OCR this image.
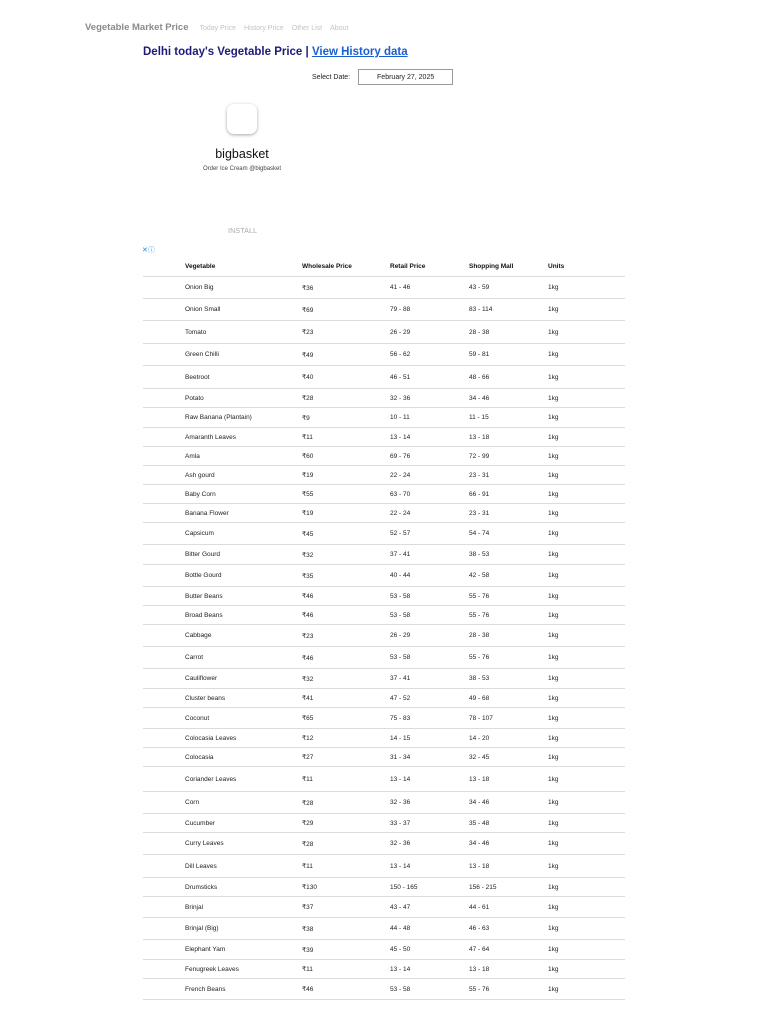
Vegetable Market Price Today Price History Price Other List About
Delhi today's Vegetable Price | View History data
Select Date:	February 27, 2025
bigbasket
Order Ice Cream @bigbasket
INSTALL
✕ⓘ
	Vegetable	Wholesale Price	Retail Price	Shopping Mall	Units
	Onion Big	₹36	41 - 46	43 - 59	1kg
	Onion Small	₹69	79 - 88	83 - 114	1kg
	Tomato	₹23	26 - 29	28 - 38	1kg
	Green Chilli	₹49	56 - 62	59 - 81	1kg
	Beetroot	₹40	46 - 51	48 - 66	1kg
	Potato	₹28	32 - 36	34 - 46	1kg
	Raw Banana (Plantain)	₹9	10 - 11	11 - 15	1kg
	Amaranth Leaves	₹11	13 - 14	13 - 18	1kg
	Amla	₹60	69 - 76	72 - 99	1kg
	Ash gourd	₹19	22 - 24	23 - 31	1kg
	Baby Corn	₹55	63 - 70	66 - 91	1kg
	Banana Flower	₹19	22 - 24	23 - 31	1kg
	Capsicum	₹45	52 - 57	54 - 74	1kg
	Bitter Gourd	₹32	37 - 41	38 - 53	1kg
	Bottle Gourd	₹35	40 - 44	42 - 58	1kg
	Butter Beans	₹46	53 - 58	55 - 76	1kg
	Broad Beans	₹46	53 - 58	55 - 76	1kg
	Cabbage	₹23	26 - 29	28 - 38	1kg
	Carrot	₹46	53 - 58	55 - 76	1kg
	Cauliflower	₹32	37 - 41	38 - 53	1kg
	Cluster beans	₹41	47 - 52	49 - 68	1kg
	Coconut	₹65	75 - 83	78 - 107	1kg
	Colocasia Leaves	₹12	14 - 15	14 - 20	1kg
	Colocasia	₹27	31 - 34	32 - 45	1kg
	Coriander Leaves	₹11	13 - 14	13 - 18	1kg
	Corn	₹28	32 - 36	34 - 46	1kg
	Cucumber	₹29	33 - 37	35 - 48	1kg
	Curry Leaves	₹28	32 - 36	34 - 46	1kg
	Dill Leaves	₹11	13 - 14	13 - 18	1kg
	Drumsticks	₹130	150 - 165	156 - 215	1kg
	Brinjal	₹37	43 - 47	44 - 61	1kg
	Brinjal (Big)	₹38	44 - 48	46 - 63	1kg
	Elephant Yam	₹39	45 - 50	47 - 64	1kg
	Fenugreek Leaves	₹11	13 - 14	13 - 18	1kg
	French Beans	₹46	53 - 58	55 - 76	1kg
